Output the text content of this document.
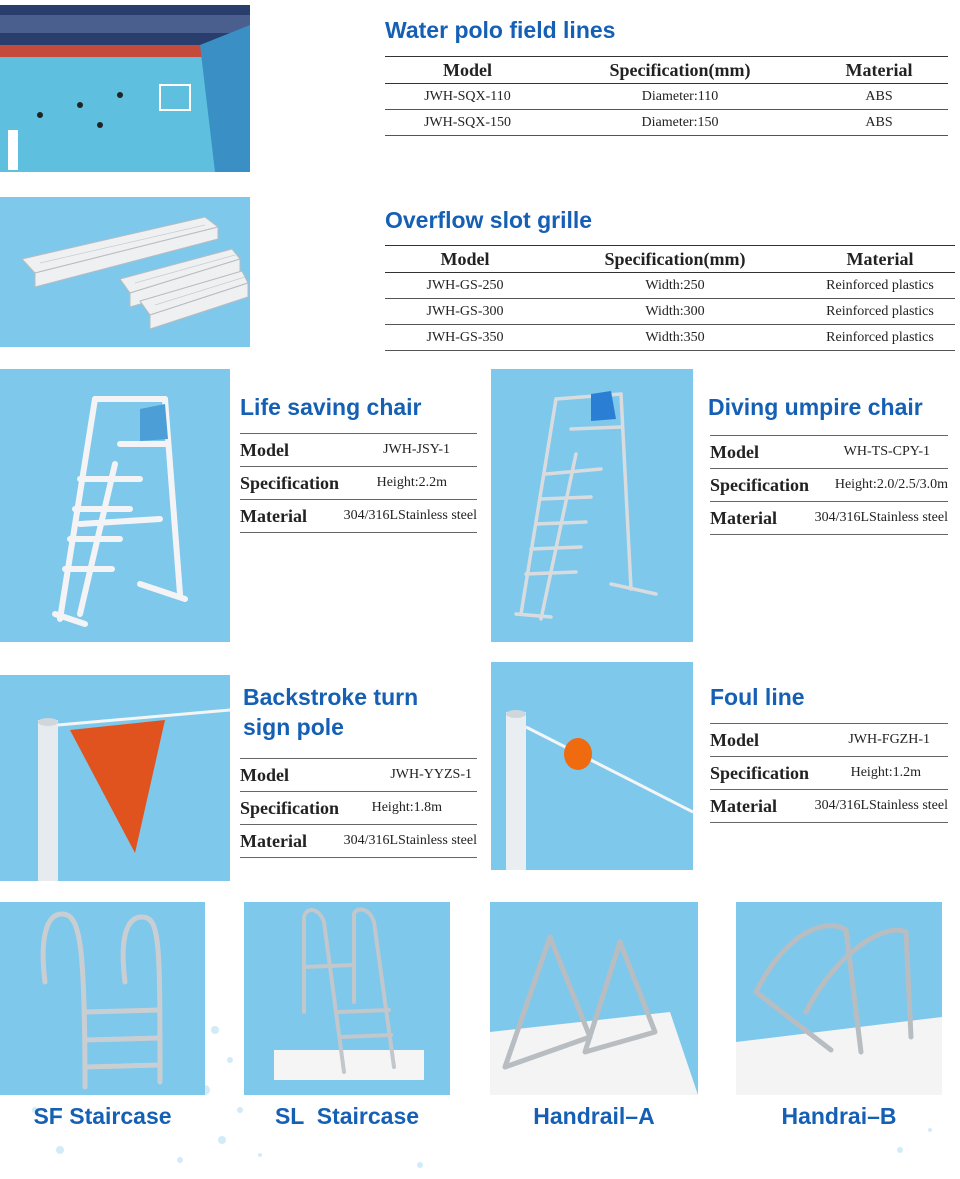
Water polo field lines
Model	Specification(mm)	Material
JWH-SQX-110	Diameter:110	ABS
JWH-SQX-150	Diameter:150	ABS
Overflow slot grille
Model	Specification(mm)	Material
JWH-GS-250	Width:250	Reinforced plastics
JWH-GS-300	Width:300	Reinforced plastics
JWH-GS-350	Width:350	Reinforced plastics
Life saving chair
Model	JWH-JSY-1
Specification	Height:2.2m
Material	304/316LStainless steel
Diving umpire chair
Model	WH-TS-CPY-1
Specification Height:2.0/2.5/3.0m
Material	304/316LStainless steel
Backstroke turn
sign pole
Model	JWH-YYZS-1
Specification Height:1.8m
Material	304/316LStainless steel
Foul line
Model	JWH-FGZH-1
Specification	Height:1.2m
Material	304/316LStainless steel
SF Staircase	SL  Staircase	Handrail–A	Handrai–B
